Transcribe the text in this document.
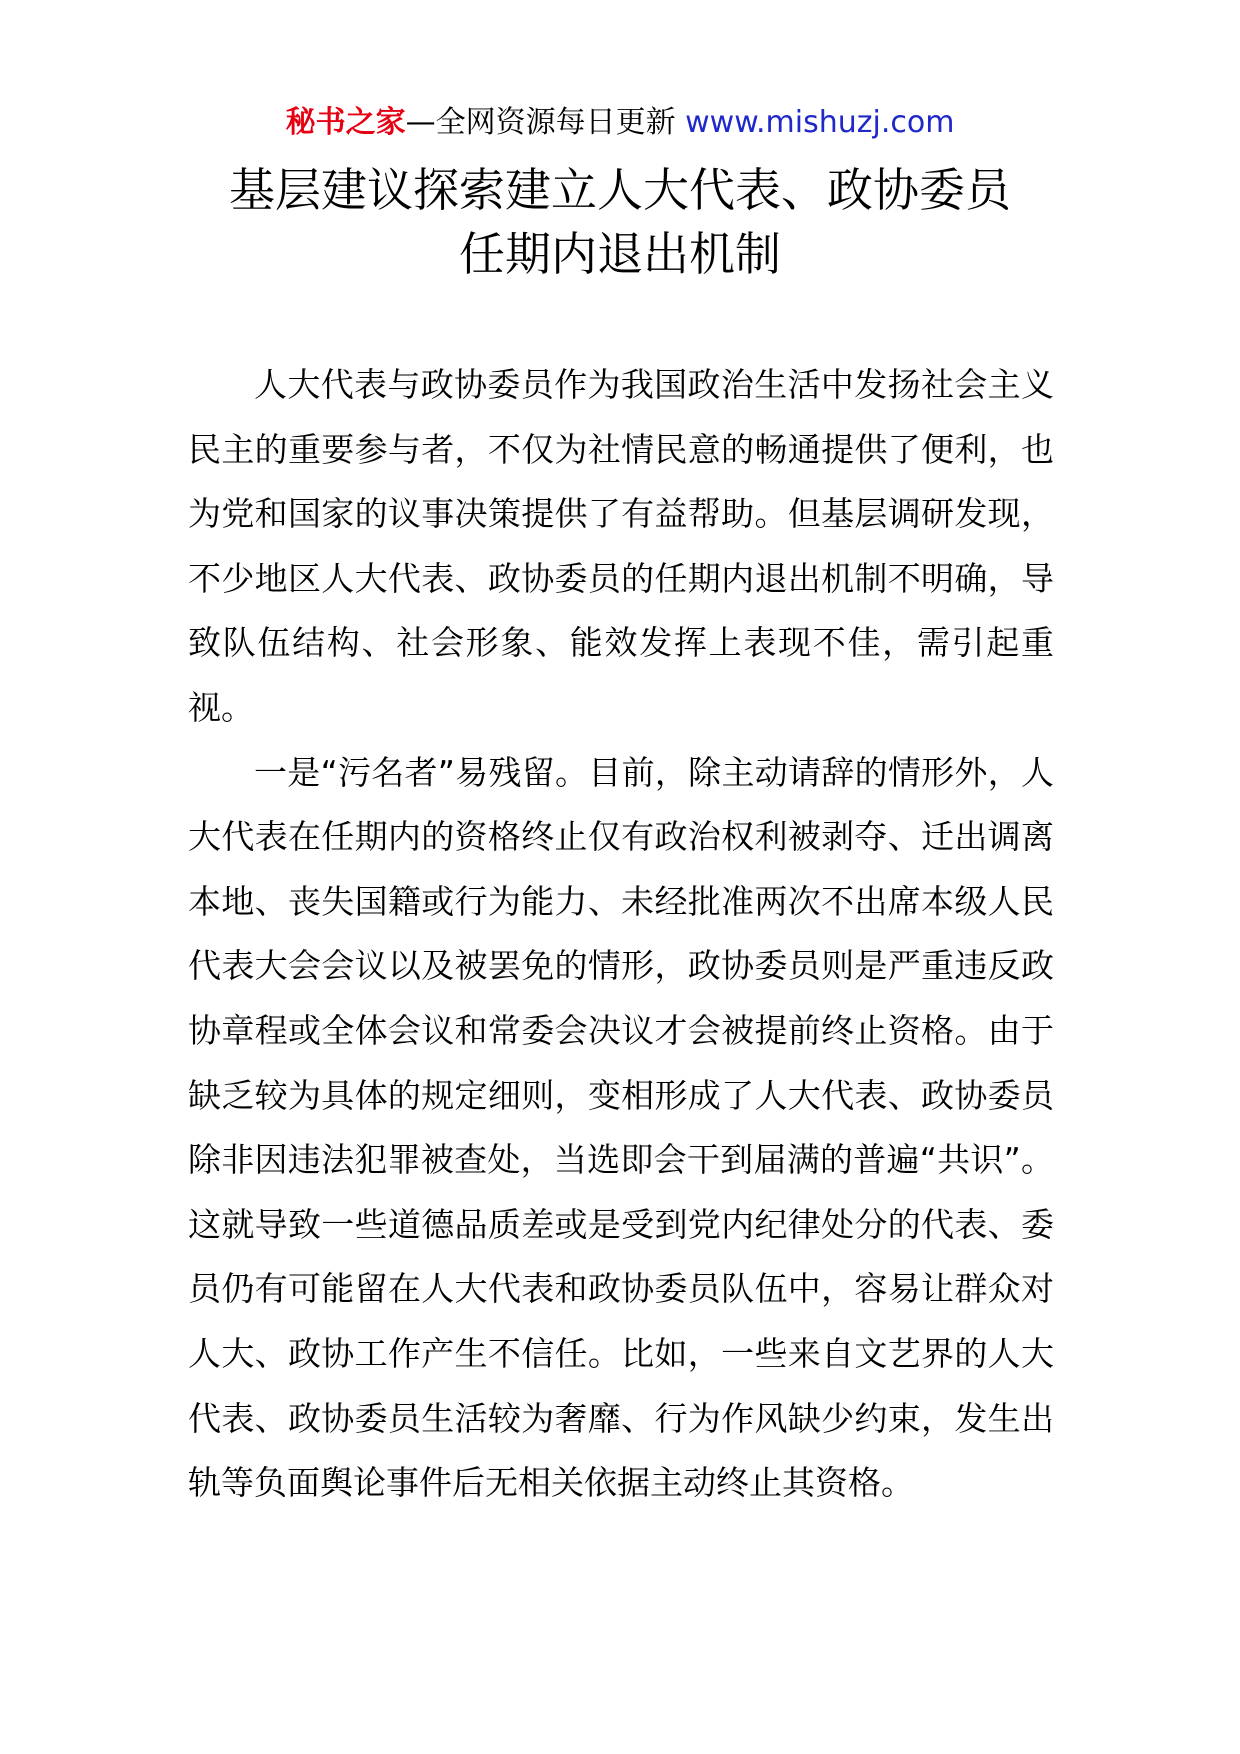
秘书之家—全网资源每日更新 www.mishuzj.com
基层建议探索建立人大代表、政协委员
任期内退出机制

人大代表与政协委员作为我国政治生活中发扬社会主义民主的重要参与者，不仅为社情民意的畅通提供了便利，也为党和国家的议事决策提供了有益帮助。但基层调研发现，不少地区人大代表、政协委员的任期内退出机制不明确，导致队伍结构、社会形象、能效发挥上表现不佳，需引起重视。

一是“污名者”易残留。目前，除主动请辞的情形外，人大代表在任期内的资格终止仅有政治权利被剥夺、迁出调离本地、丧失国籍或行为能力、未经批准两次不出席本级人民代表大会会议以及被罢免的情形，政协委员则是严重违反政协章程或全体会议和常委会决议才会被提前终止资格。由于缺乏较为具体的规定细则，变相形成了人大代表、政协委员除非因违法犯罪被查处，当选即会干到届满的普遍“共识”。这就导致一些道德品质差或是受到党内纪律处分的代表、委员仍有可能留在人大代表和政协委员队伍中，容易让群众对人大、政协工作产生不信任。比如，一些来自文艺界的人大代表、政协委员生活较为奢靡、行为作风缺少约束，发生出轨等负面舆论事件后无相关依据主动终止其资格。
